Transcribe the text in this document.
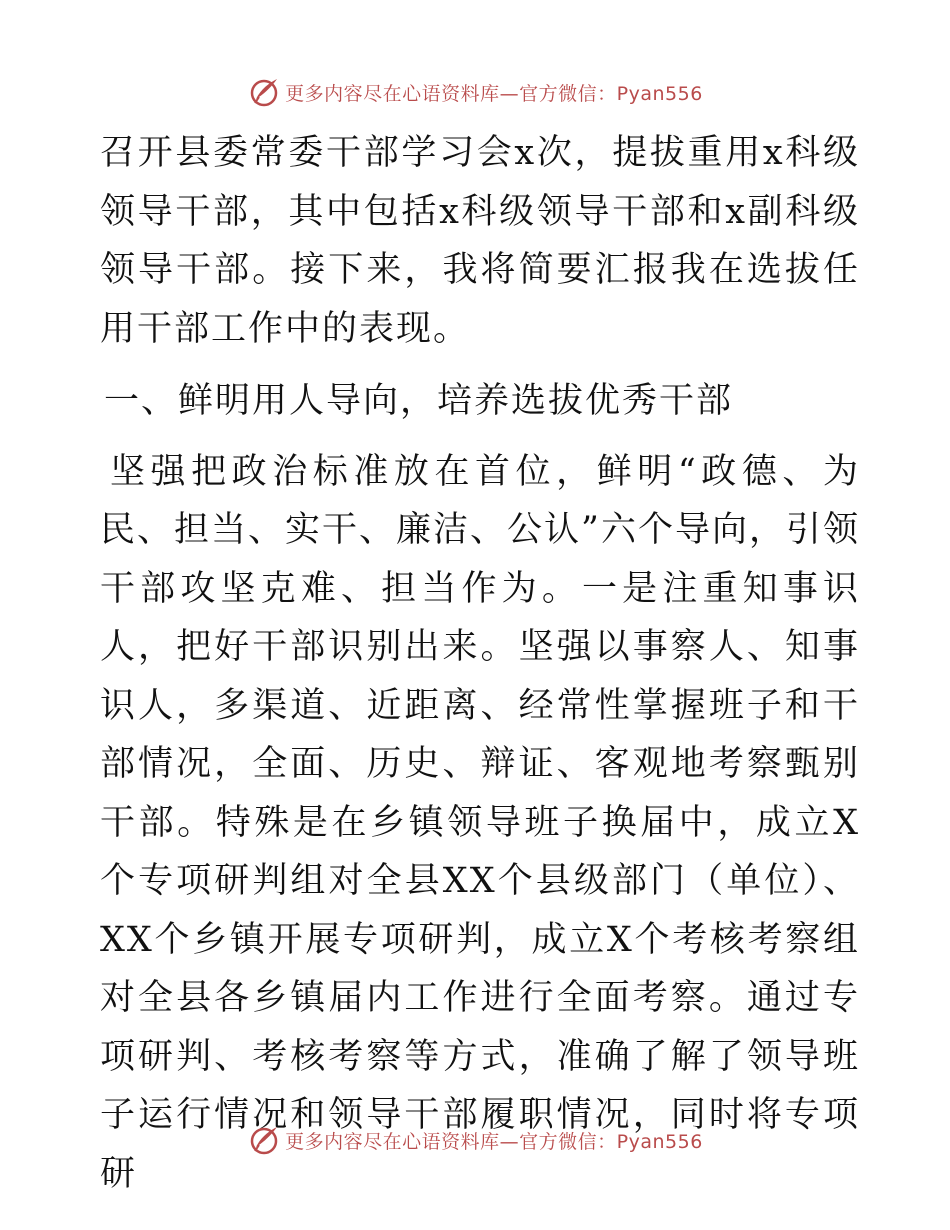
更多内容尽在心语资料库—官方微信：Pyan556

召开县委常委干部学习会x次，提拔重用x科级领导干部，其中包括x科级领导干部和x副科级领导干部。接下来，我将简要汇报我在选拔任用干部工作中的表现。

一、鲜明用人导向，培养选拔优秀干部

坚强把政治标准放在首位，鲜明“政德、为民、担当、实干、廉洁、公认”六个导向，引领干部攻坚克难、担当作为。一是注重知事识人，把好干部识别出来。坚强以事察人、知事识人，多渠道、近距离、经常性掌握班子和干部情况，全面、历史、辩证、客观地考察甄别干部。特殊是在乡镇领导班子换届中，成立X个专项研判组对全县XX个县级部门（单位）、XX个乡镇开展专项研判，成立X个考核考察组对全县各乡镇届内工作进行全面考察。通过专项研判、考核考察等方式，准确了解了领导班子运行情况和领导干部履职情况，同时将专项研

更多内容尽在心语资料库—官方微信：Pyan556
